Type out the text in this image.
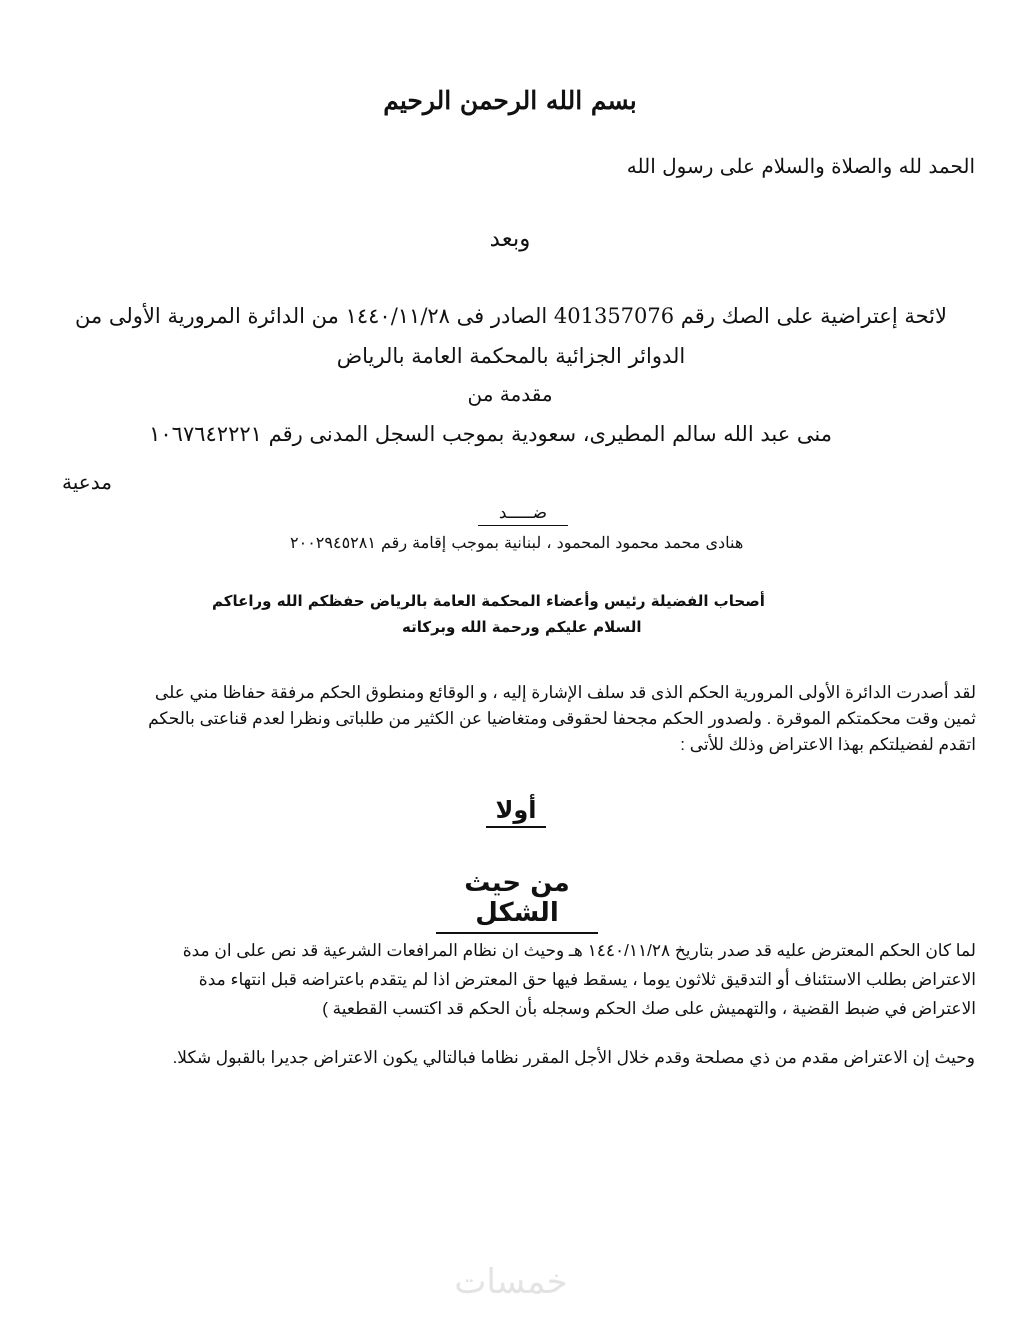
بسم الله الرحمن الرحيم
الحمد لله والصلاة والسلام على رسول الله
وبعد
لائحة إعتراضية على الصك رقم 401357076 الصادر فى ١٤٤٠/١١/٢٨ من الدائرة المرورية الأولى من الدوائر الجزائية بالمحكمة العامة بالرياض
مقدمة من
منى عبد الله سالم المطيرى، سعودية بموجب السجل المدنى رقم ١٠٦٧٦٤٢٢٢١
مدعية
ضـــــد
هنادى محمد محمود المحمود ، لبنانية بموجب إقامة رقم ٢٠٠٢٩٤٥٢٨١
أصحاب الفضيلة رئيس وأعضاء المحكمة العامة بالرياض حفظكم الله وراعاكم
السلام عليكم ورحمة الله وبركاته
لقد أصدرت الدائرة الأولى المرورية الحكم الذى قد سلف الإشارة إليه ، و الوقائع ومنطوق الحكم مرفقة حفاظا مني على
ثمين وقت محكمتكم الموقرة . ولصدور الحكم مجحفا لحقوقى ومتغاضيا عن الكثير من طلباتى ونظرا لعدم قناعتى بالحكم
اتقدم لفضيلتكم بهذا الاعتراض وذلك للأتى :
أولا
من حيث الشكل
لما كان الحكم المعترض عليه قد صدر بتاريخ ١٤٤٠/١١/٢٨ هـ وحيث ان نظام المرافعات الشرعية قد نص على ان مدة
الاعتراض بطلب الاستئناف أو التدقيق ثلاثون يوما ، يسقط فيها حق المعترض اذا لم يتقدم باعتراضه قبل انتهاء مدة
الاعتراض في ضبط القضية ، والتهميش على صك الحكم وسجله بأن الحكم قد اكتسب القطعية )
وحيث إن الاعتراض مقدم من ذي مصلحة وقدم خلال الأجل المقرر نظاما فبالتالي يكون الاعتراض جديرا بالقبول شكلا.
خمسات
